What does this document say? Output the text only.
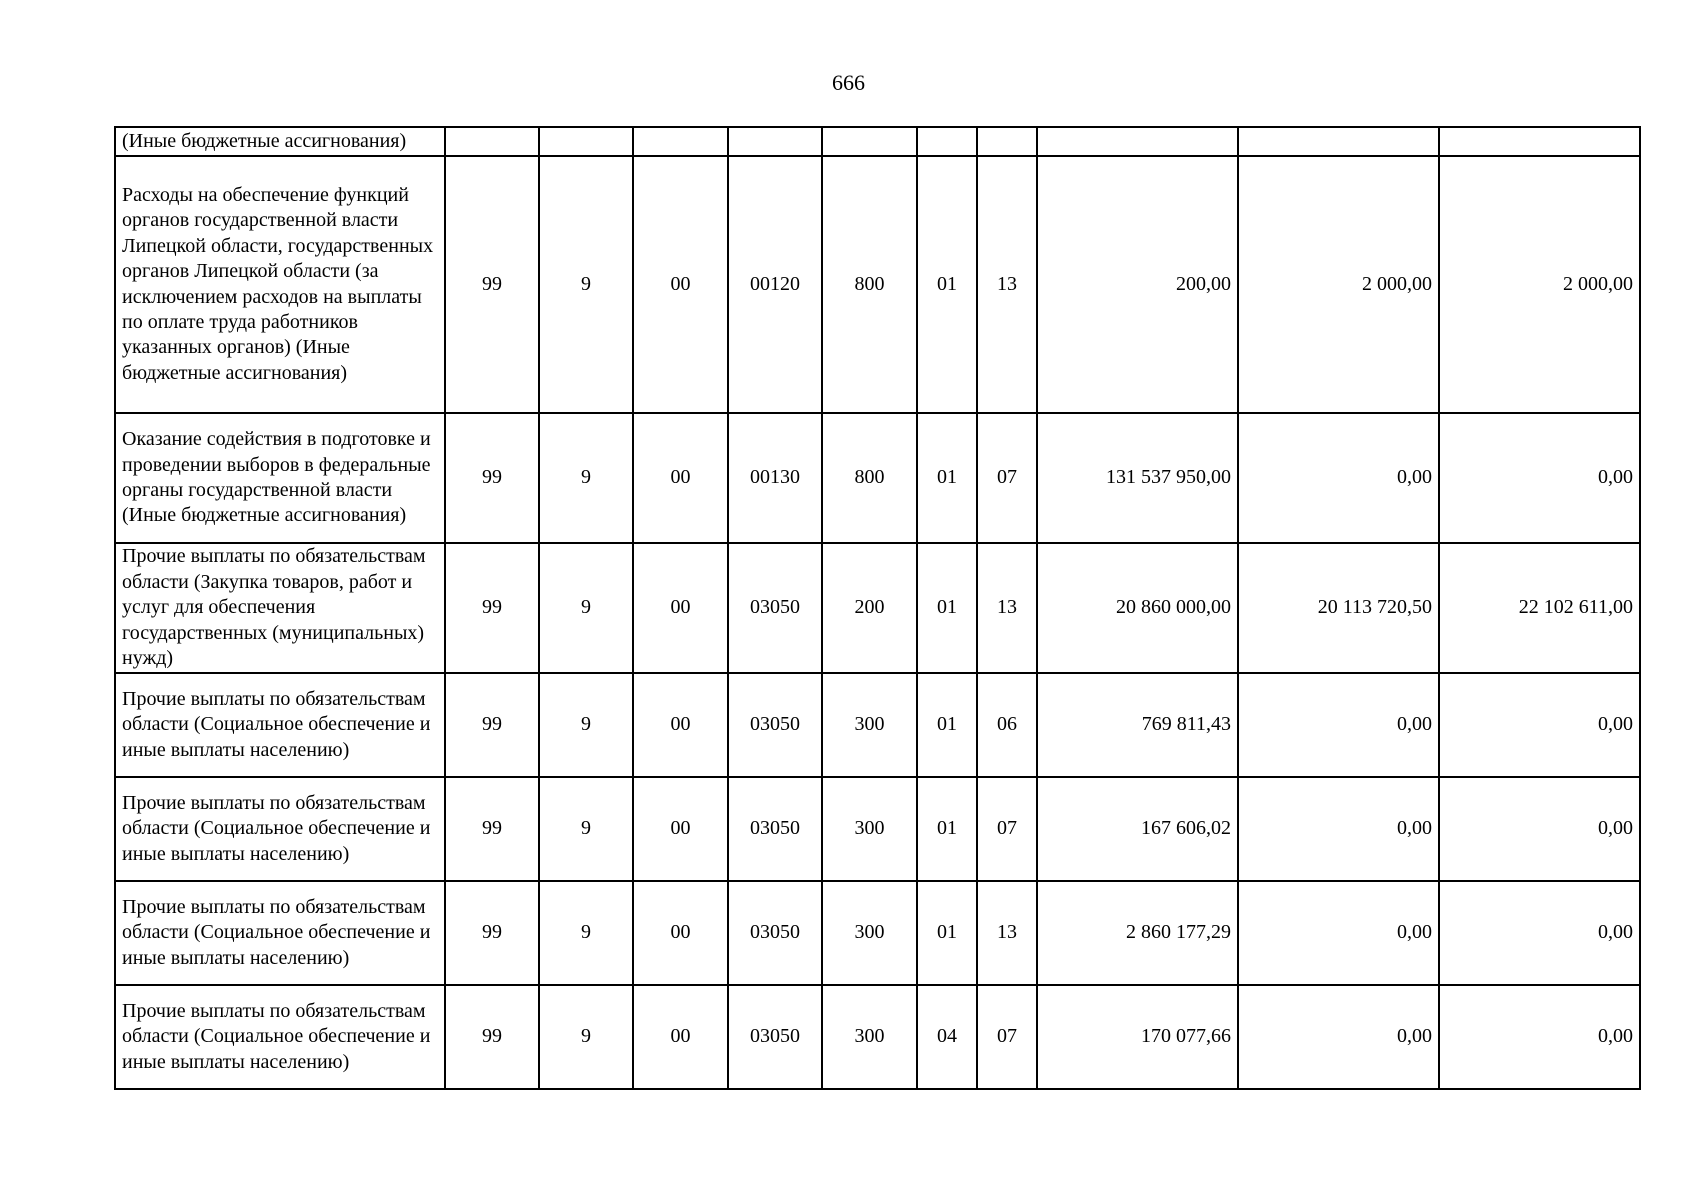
666
(Иные бюджетные ассигнования)										
Расходы на обеспечение функций органов государственной власти Липецкой области, государственных органов Липецкой области (за исключением расходов на выплаты по оплате труда работников указанных органов) (Иные бюджетные ассигнования)	99	9	00	00120	800	01	13	200,00	2 000,00	2 000,00
Оказание содействия в подготовке и проведении выборов в федеральные органы государственной власти (Иные бюджетные ассигнования)	99	9	00	00130	800	01	07	131 537 950,00	0,00	0,00
Прочие выплаты по обязательствам области (Закупка товаров, работ и услуг для обеспечения государственных (муниципальных) нужд)	99	9	00	03050	200	01	13	20 860 000,00	20 113 720,50	22 102 611,00
Прочие выплаты по обязательствам области (Социальное обеспечение и иные выплаты населению)	99	9	00	03050	300	01	06	769 811,43	0,00	0,00
Прочие выплаты по обязательствам области (Социальное обеспечение и иные выплаты населению)	99	9	00	03050	300	01	07	167 606,02	0,00	0,00
Прочие выплаты по обязательствам области (Социальное обеспечение и иные выплаты населению)	99	9	00	03050	300	01	13	2 860 177,29	0,00	0,00
Прочие выплаты по обязательствам области (Социальное обеспечение и иные выплаты населению)	99	9	00	03050	300	04	07	170 077,66	0,00	0,00
